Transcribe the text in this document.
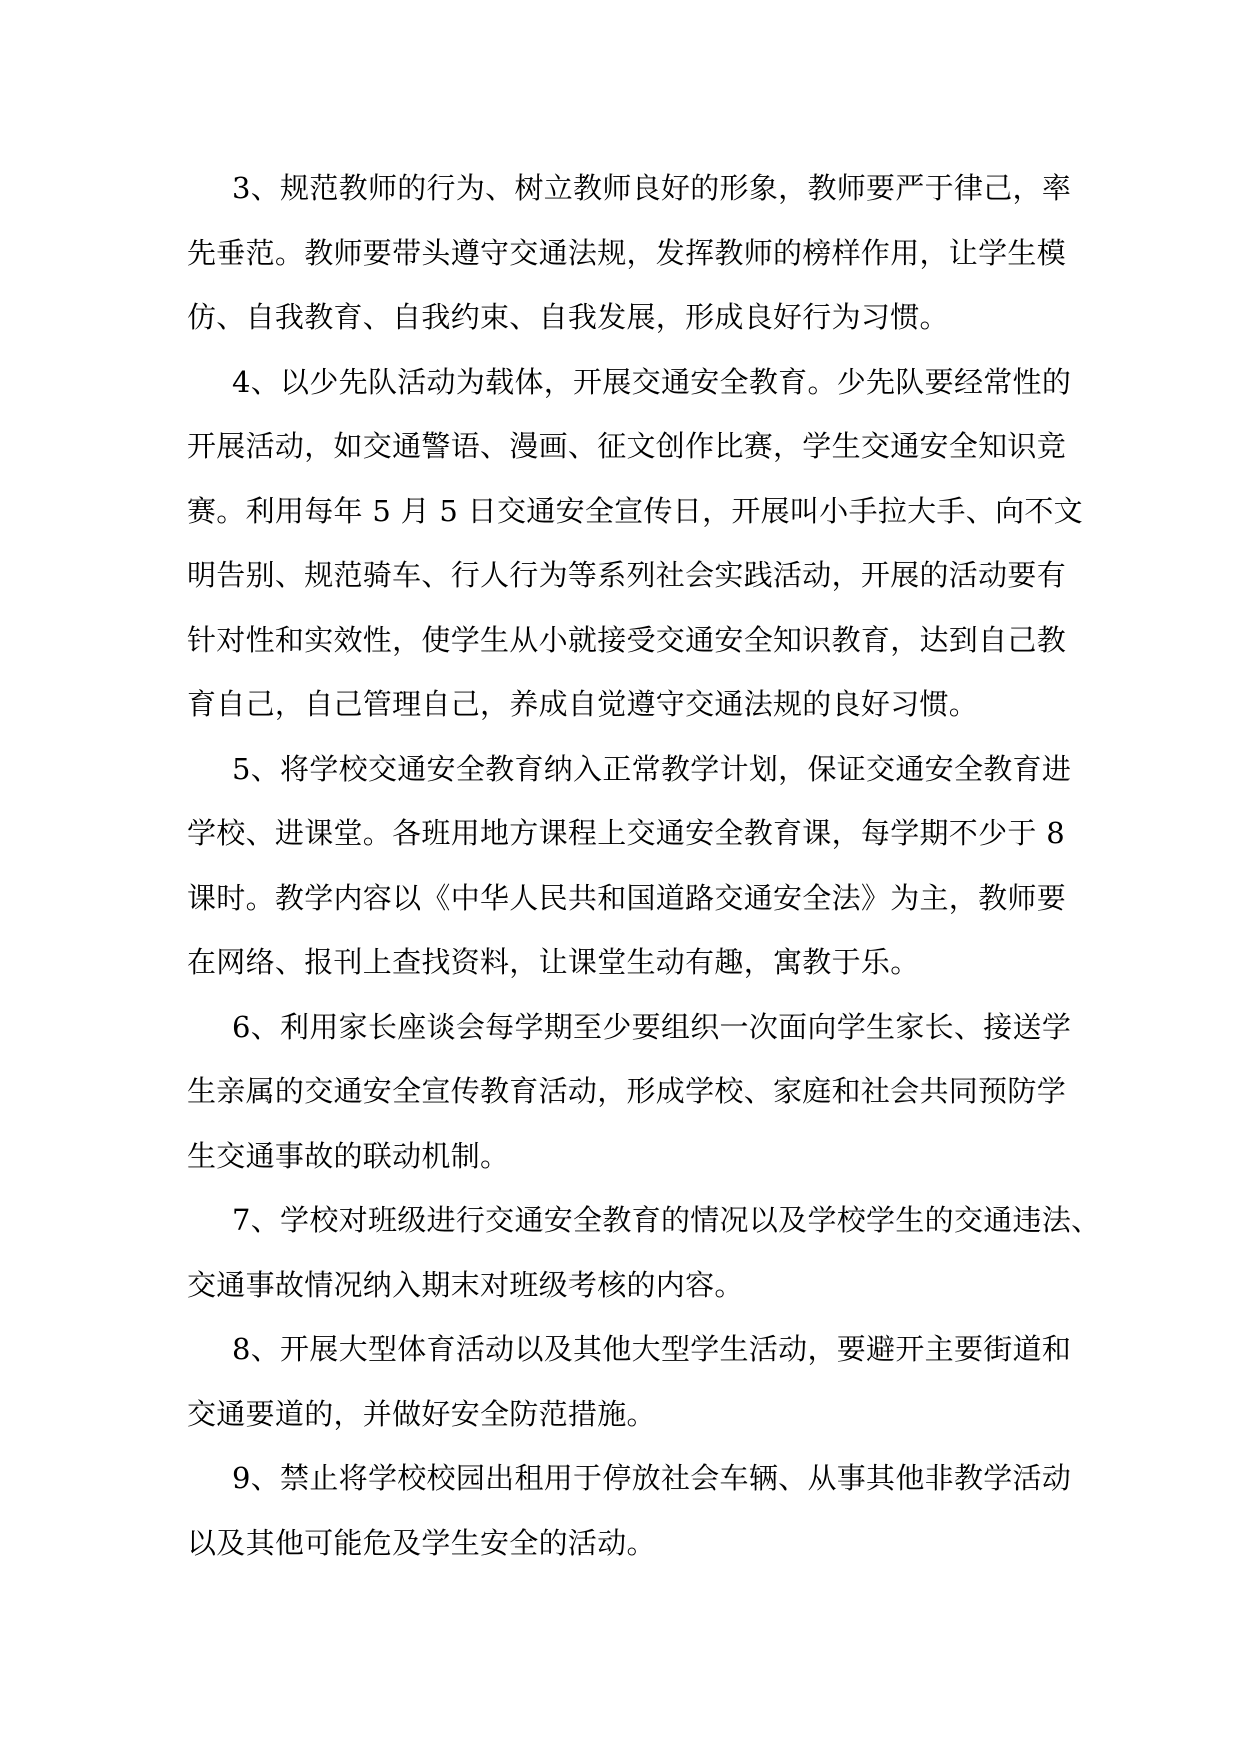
3、规范教师的行为、树立教师良好的形象，教师要严于律己，率
先垂范。教师要带头遵守交通法规，发挥教师的榜样作用，让学生模
仿、自我教育、自我约束、自我发展，形成良好行为习惯。

4、以少先队活动为载体，开展交通安全教育。少先队要经常性的
开展活动，如交通警语、漫画、征文创作比赛，学生交通安全知识竞
赛。利用每年 5 月 5 日交通安全宣传日，开展叫小手拉大手、向不文
明告别、规范骑车、行人行为等系列社会实践活动，开展的活动要有
针对性和实效性，使学生从小就接受交通安全知识教育，达到自己教
育自己，自己管理自己，养成自觉遵守交通法规的良好习惯。

5、将学校交通安全教育纳入正常教学计划，保证交通安全教育进
学校、进课堂。各班用地方课程上交通安全教育课，每学期不少于 8
课时。教学内容以《中华人民共和国道路交通安全法》为主，教师要
在网络、报刊上查找资料，让课堂生动有趣，寓教于乐。

6、利用家长座谈会每学期至少要组织一次面向学生家长、接送学
生亲属的交通安全宣传教育活动，形成学校、家庭和社会共同预防学
生交通事故的联动机制。

7、学校对班级进行交通安全教育的情况以及学校学生的交通违法、
交通事故情况纳入期末对班级考核的内容。

8、开展大型体育活动以及其他大型学生活动，要避开主要街道和
交通要道的，并做好安全防范措施。

9、禁止将学校校园出租用于停放社会车辆、从事其他非教学活动
以及其他可能危及学生安全的活动。
